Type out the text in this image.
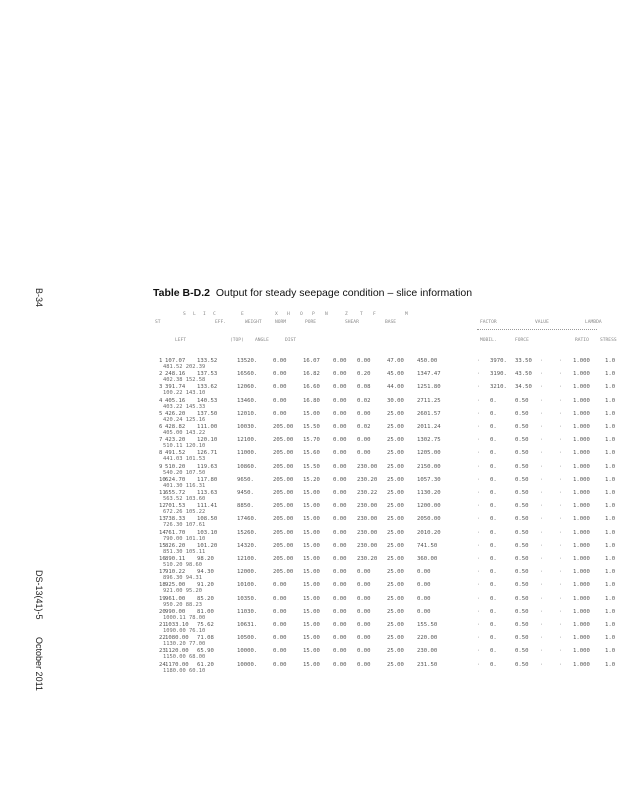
B-34
DS-13(41)-5       October 2011
Table B-D.2 Output for steady seepage condition – slice information
S L I C	E	X H O P N	Z	T F	M
ST	EFF.	WEIGHT	NORM	PORE	SHEAR	BASE	FACTOR	VALUE	LAMBDA
LEFT	(TOP) ANGLE	DIST	MOBIL.	FORCE	RATIO STRESS
1 107.07 133.52	13520.	0.00	16.07 0.00 0.00	47.00 450.00	3970. 33.50	1.000	1.0
481.52 202.39
·	·	·
2 248.16 137.53	16560.	0.00	16.82 0.00 0.20	45.00 1347.47	3190. 43.50	1.000	1.0
402.38 152.58
·	·	·
3 391.74 133.62	12060.	0.00	16.60 0.00 0.08	44.00 1251.80	3210. 34.50	1.000	1.0
100.22 143.10
·	·	·
4 405.16 140.53	13460.	0.00	16.80 0.00 0.02	30.00 2711.25	0.	0.50	1.000	1.0
403.22 145.33
·	·	·
5 426.20 137.50	12010.	0.00	15.00 0.00 0.00	25.00 2601.57	0.	0.50	1.000	1.0
420.24 125.16
·	·	·
6 428.82 111.00	10030.	205.00 15.50 0.00 0.02	25.00 2011.24	0.	0.50	1.000	1.0
405.00 143.22
·	·	·
7 423.20 120.10	12100.	205.00 15.70 0.00 0.00	25.00 1302.75	0.	0.50	1.000	1.0
510.11 120.10
·	·	·
8 491.52 126.71	11000.	205.00 15.60 0.00 0.00	25.00 1205.00	0.	0.50	1.000	1.0
441.03 101.53
·	·	·
9 510.20 119.63	10860.	205.00 15.50 0.00 230.00 25.00 2150.00	0.	0.50	1.000	1.0
540.20 107.50
·	·	·
10 624.70 117.80	9650.	205.00 15.20 0.00 230.20 25.00 1057.30	0.	0.50	1.000	1.0
401.30 116.31
·	·	·
11 655.72 113.63	9450.	205.00 15.00 0.00 230.22 25.00 1130.20	0.	0.50	1.000	1.0
563.52 103.60
·	·	·
12 701.53 111.41	8850.	205.00 15.00 0.00 230.00 25.00 1200.00	0.	0.50	1.000	1.0
672.26 105.22
·	·	·
13 738.33 108.50	17460.	205.00 15.00 0.00 230.00 25.00 2050.00	0.	0.50	1.000	1.0
726.30 107.61
·	·	·
14 761.70 103.10	15260.	205.00 15.00 0.00 230.00 25.00 2010.20	0.	0.50	1.000	1.0
790.00 101.10
·	·	·
15 826.20 101.20	14320.	205.00 15.00 0.00 230.00 25.00 741.50	0.	0.50	1.000	1.0
851.30 105.11
·	·	·
16 890.11 98.20	12100.	205.00 15.00 0.00 230.20 25.00 360.00	0.	0.50	1.000	1.0
510.20 98.60
·	·	·
17 910.22 94.30	12000.	205.00 15.00 0.00 0.00	25.00 0.00	0.	0.50	1.000	1.0
896.30 94.31
·	·	·
18 925.00 91.20	10100.	0.00	15.00 0.00 0.00	25.00 0.00	0.	0.50	1.000	1.0
921.00 95.20
·	·	·
19 961.00 85.20	10350.	0.00	15.00 0.00 0.00	25.00 0.00	0.	0.50	1.000	1.0
950.20 88.23
·	·	·
20 990.00 81.00	11030.	0.00	15.00 0.00 0.00	25.00 0.00	0.	0.50	1.000	1.0
1000.11 78.00
·	·	·
21 1033.10 75.62	10631.	0.00	15.00 0.00 0.00	25.00 155.50	0.	0.50	1.000	1.0
1090.00 76.10
·	·	·
22 1080.00 71.08	10500.	0.00	15.00 0.00 0.00	25.00 220.00	0.	0.50	1.000	1.0
1130.20 77.00
·	·	·
23 1120.00 65.90	10000.	0.00	15.00 0.00 0.00	25.00 230.00	0.	0.50	1.000	1.0
1150.00 68.00
·	·	·
24 1170.00 61.20	10000.	0.00	15.00 0.00 0.00	25.00 231.50	0.	0.50	1.000	1.0
1180.00 60.10
·	·	·
